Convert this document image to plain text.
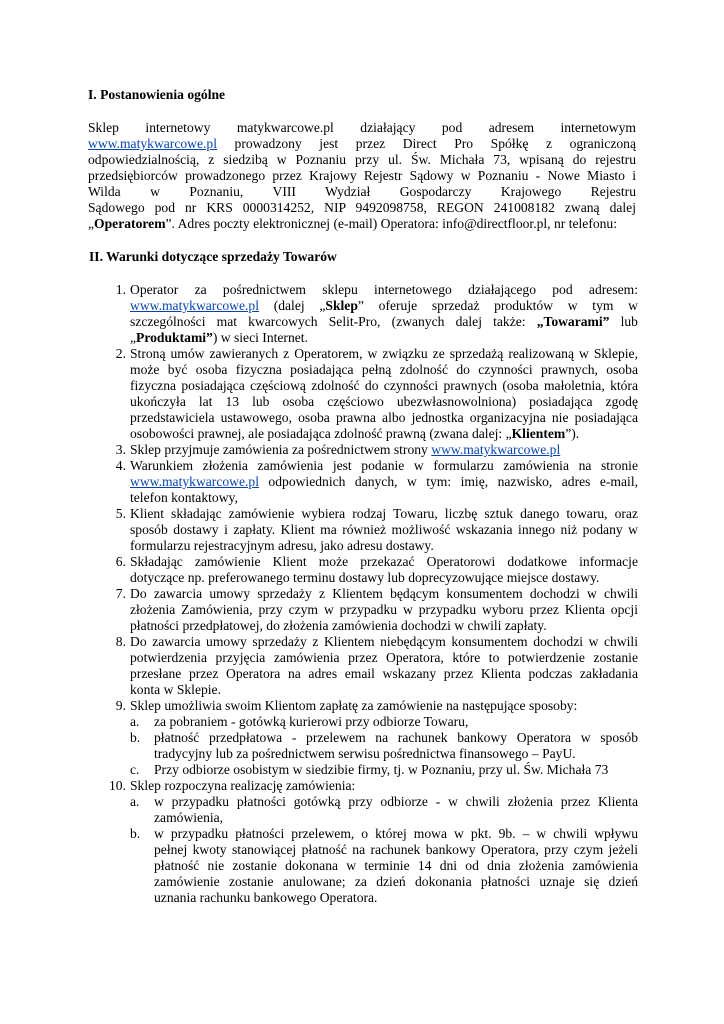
I. Postanowienia ogólne
Sklep internetowy matykwarcowe.pl działający pod adresem internetowym
www.matykwarcowe.pl prowadzony jest przez Direct Pro Spółkę z ograniczoną
odpowiedzialnością, z siedzibą w Poznaniu przy ul. Św. Michała 73, wpisaną do rejestru
przedsiębiorców prowadzonego przez Krajowy Rejestr Sądowy w Poznaniu - Nowe Miasto i
Wilda w Poznaniu, VIII Wydział Gospodarczy Krajowego Rejestru
Sądowego pod nr KRS 0000314252, NIP 9492098758, REGON 241008182 zwaną dalej
„Operatorem”. Adres poczty elektronicznej (e-mail) Operatora: info@directfloor.pl, nr telefonu:
II. Warunki dotyczące sprzedaży Towarów
1. Operator za pośrednictwem sklepu internetowego działającego pod adresem:
www.matykwarcowe.pl (dalej „Sklep” oferuje sprzedaż produktów w tym w
szczególności mat kwarcowych Selit-Pro, (zwanych dalej także: „Towarami” lub
„Produktami”) w sieci Internet.
2. Stroną umów zawieranych z Operatorem, w związku ze sprzedażą realizowaną w Sklepie,
może być osoba fizyczna posiadająca pełną zdolność do czynności prawnych, osoba
fizyczna posiadająca częściową zdolność do czynności prawnych (osoba małoletnia, która
ukończyła lat 13 lub osoba częściowo ubezwłasnowolniona) posiadająca zgodę
przedstawiciela ustawowego, osoba prawna albo jednostka organizacyjna nie posiadająca
osobowości prawnej, ale posiadająca zdolność prawną (zwana dalej: „Klientem”).
3. Sklep przyjmuje zamówienia za pośrednictwem strony www.matykwarcowe.pl
4. Warunkiem złożenia zamówienia jest podanie w formularzu zamówienia na stronie
www.matykwarcowe.pl odpowiednich danych, w tym: imię, nazwisko, adres e-mail,
telefon kontaktowy,
5. Klient składając zamówienie wybiera rodzaj Towaru, liczbę sztuk danego towaru, oraz
sposób dostawy i zapłaty. Klient ma również możliwość wskazania innego niż podany w
formularzu rejestracyjnym adresu, jako adresu dostawy.
6. Składając zamówienie Klient może przekazać Operatorowi dodatkowe informacje
dotyczące np. preferowanego terminu dostawy lub doprecyzowujące miejsce dostawy.
7. Do zawarcia umowy sprzedaży z Klientem będącym konsumentem dochodzi w chwili
złożenia Zamówienia, przy czym w przypadku w przypadku wyboru przez Klienta opcji
płatności przedpłatowej, do złożenia zamówienia dochodzi w chwili zapłaty.
8. Do zawarcia umowy sprzedaży z Klientem niebędącym konsumentem dochodzi w chwili
potwierdzenia przyjęcia zamówienia przez Operatora, które to potwierdzenie zostanie
przesłane przez Operatora na adres email wskazany przez Klienta podczas zakładania
konta w Sklepie.
9. Sklep umożliwia swoim Klientom zapłatę za zamówienie na następujące sposoby:
a. za pobraniem - gotówką kurierowi przy odbiorze Towaru,
b. płatność przedpłatowa - przelewem na rachunek bankowy Operatora w sposób
tradycyjny lub za pośrednictwem serwisu pośrednictwa finansowego – PayU.
c. Przy odbiorze osobistym w siedzibie firmy, tj. w Poznaniu, przy ul. Św. Michała 73
10. Sklep rozpoczyna realizację zamówienia:
a. w przypadku płatności gotówką przy odbiorze - w chwili złożenia przez Klienta
zamówienia,
b. w przypadku płatności przelewem, o której mowa w pkt. 9b. – w chwili wpływu
pełnej kwoty stanowiącej płatność na rachunek bankowy Operatora, przy czym jeżeli
płatność nie zostanie dokonana w terminie 14 dni od dnia złożenia zamówienia
zamówienie zostanie anulowane; za dzień dokonania płatności uznaje się dzień
uznania rachunku bankowego Operatora.
